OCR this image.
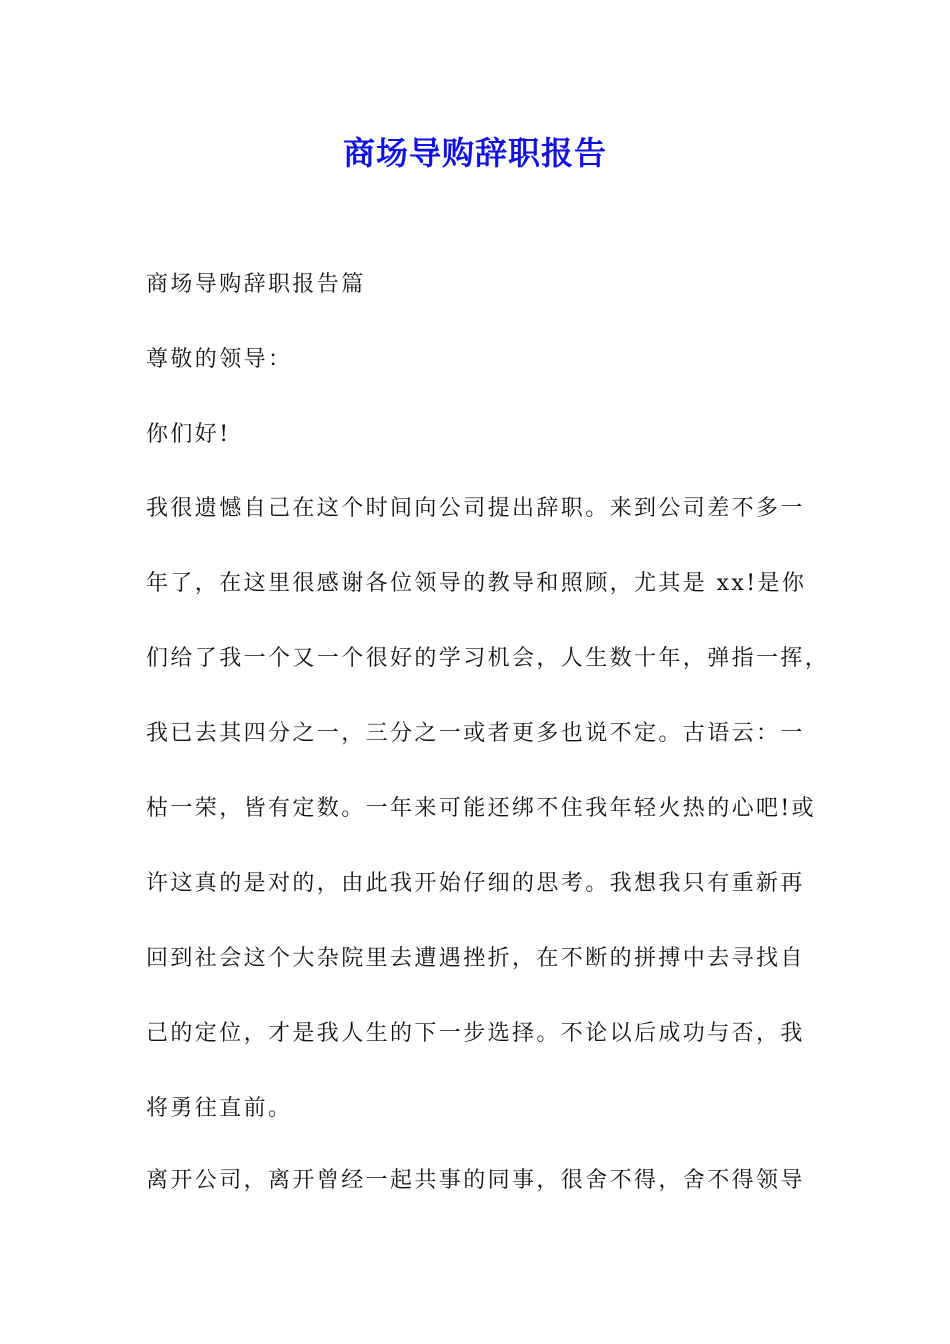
商场导购辞职报告

商场导购辞职报告篇

尊敬的领导：

你们好!

我很遗憾自己在这个时间向公司提出辞职。来到公司差不多一
年了，在这里很感谢各位领导的教导和照顾，尤其是 xx!是你
们给了我一个又一个很好的学习机会，人生数十年，弹指一挥，
我已去其四分之一，三分之一或者更多也说不定。古语云：一
枯一荣，皆有定数。一年来可能还绑不住我年轻火热的心吧!或
许这真的是对的，由此我开始仔细的思考。我想我只有重新再
回到社会这个大杂院里去遭遇挫折，在不断的拼搏中去寻找自
己的定位，才是我人生的下一步选择。不论以后成功与否，我
将勇往直前。

离开公司，离开曾经一起共事的同事，很舍不得，舍不得领导
